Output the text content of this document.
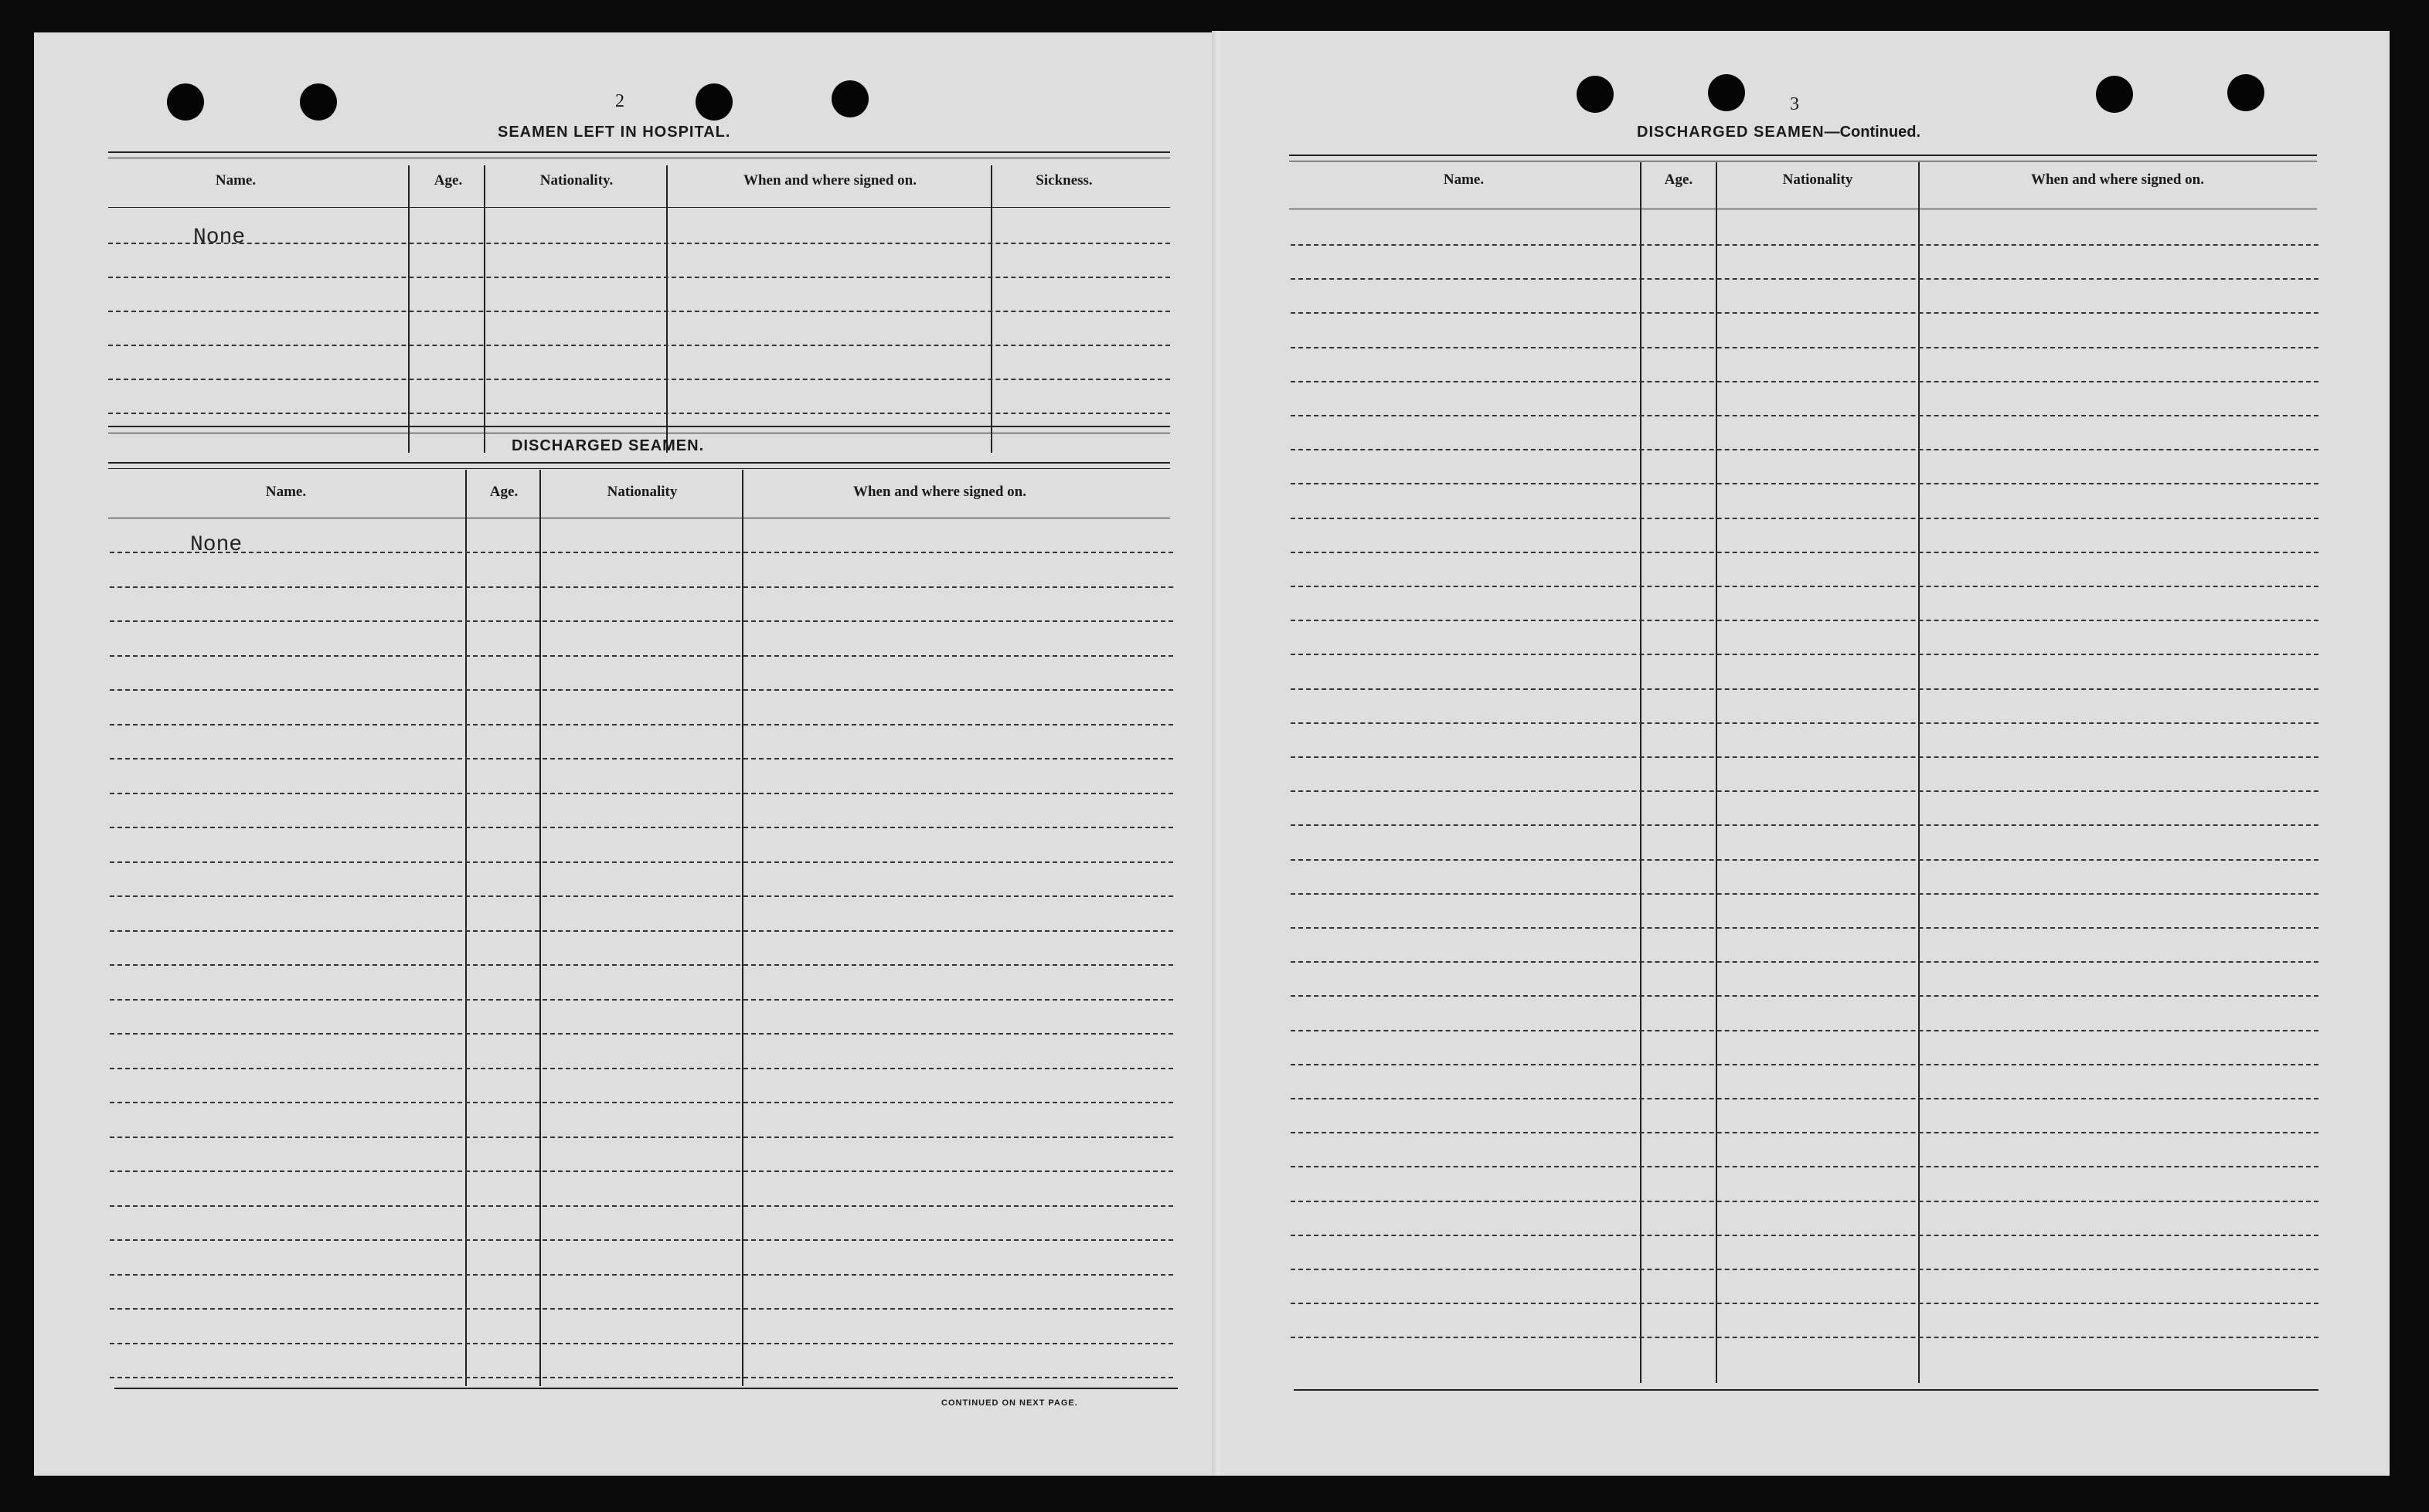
2
SEAMEN LEFT IN HOSPITAL.
Name.	Age.	Nationality.	When and where signed on.	Sickness.
None
DISCHARGED SEAMEN.
Name.	Age.	Nationality	When and where signed on.
None
CONTINUED ON NEXT PAGE.
3
DISCHARGED SEAMEN—Continued.
Name.	Age.	Nationality	When and where signed on.
